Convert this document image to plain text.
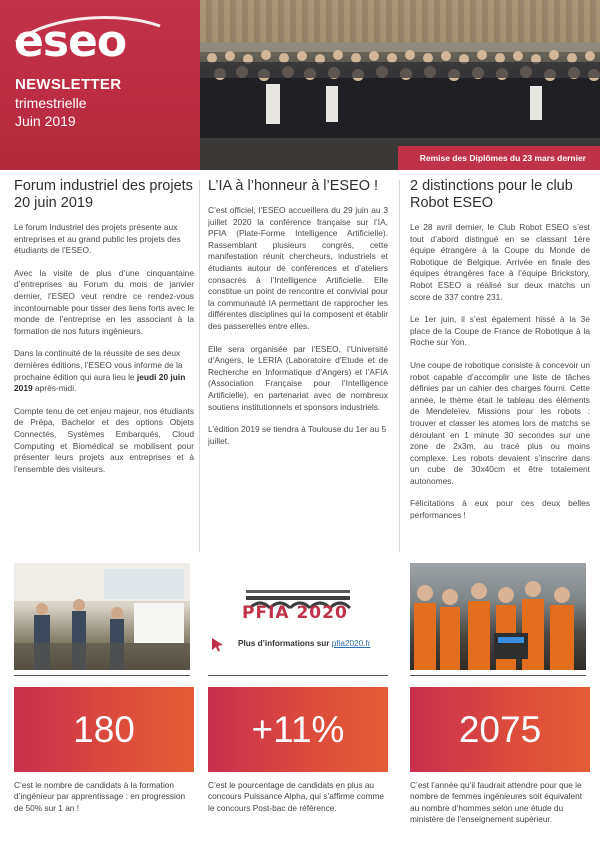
eseo
NEWSLETTER
trimestrielle
Juin 2019
Remise des Diplômes du 23 mars dernier
Forum industriel des projets 20 juin 2019

Le forum Industriel des projets présente aux entreprises et au grand public les projets des étudiants de l’ESEO.

Avec la visite de plus d’une cinquantaine d’entreprises au Forum du mois de janvier dernier, l’ESEO veut rendre ce rendez-vous incontournable pour tisser des liens forts avec le monde de l’entreprise en les associant à la formation de nos futurs ingénieurs.

Dans la continuité de la réussite de ses deux dernières éditions, l’ESEO vous informe de la prochaine édition qui aura lieu le jeudi 20 juin 2019 après-midi.

Compte tenu de cet enjeu majeur, nos étudiants de Prépa, Bachelor et des options Objets Connectés, Systèmes Embarqués, Cloud Computing et Biomédical se mobilisent pour présenter leurs projets aux entreprises et à l’ensemble des visiteurs.

L’IA à l’honneur à l’ESEO !

C’est officiel, l’ESEO accueillera du 29 juin au 3 juillet 2020 la conférence française sur l’IA, PFIA (Plate-Forme Intelligence Artificielle). Rassemblant plusieurs congrès, cette manifestation réunit chercheurs, industriels et étudiants autour de conférences et d’ateliers consacrés à l’Intelligence Artificielle. Elle constitue un point de rencontre et convivial pour la communauté IA permettant de rapprocher les différentes disciplines qui la composent et établir des passerelles entre elles.

Elle sera organisée par l’ESEO, l’Université d’Angers, le LERIA (Laboratoire d’Etude et de Recherche en Informatique d’Angers) et l’AFIA (Association Française pour l’Intelligence Artificielle), en partenariat avec de nombreux soutiens institutionnels et sponsors industriels.

L’édition 2019 se tiendra à Toulouse du 1er au 5 juillet.

2 distinctions pour le club Robot ESEO

Le 28 avril dernier, le Club Robot ESEO s’est tout d’abord distingué en se classant 1ère équipe étrangère à la Coupe du Monde de Robotique de Belgique. Arrivée en finale des équipes étrangères face à l’équipe Brickstory, Robot ESEO a réalisé sur deux matchs un score de 337 contre 231.

Le 1er juin, il s’est également hissé à la 3e place de la Coupe de France de Robotique à la Roche sur Yon.

Une coupe de robotique consiste à concevoir un robot capable d’accomplir une liste de tâches définies par un cahier des charges fourni. Cette année, le thème était le tableau des éléments de Mendeleïev. Missions pour les robots : trouver et classer les atomes lors de matchs se déroulant en 1 minute 30 secondes sur une zone de 2x3m, au tracé plus ou moins complexe. Les robots devaient s’inscrire dans un cube de 30x40cm et être totalement autonomes.

Félicitations à eux pour ces deux belles performances !

PFIA 2020
Plus d’informations sur pfia2020.fr
180	+11%	2075
C’est le nombre de candidats à la formation d’ingénieur par apprentissage : en progression de 50% sur 1 an !
C’est le pourcentage de candidats en plus au concours Puissance Alpha, qui s’affirme comme le concours Post-bac de référence.
C’est l’année qu’il faudrait attendre pour que le nombre de femmes ingénieures soit équivalent au nombre d’hommes selon une étude du ministère de l’enseignement supérieur.
